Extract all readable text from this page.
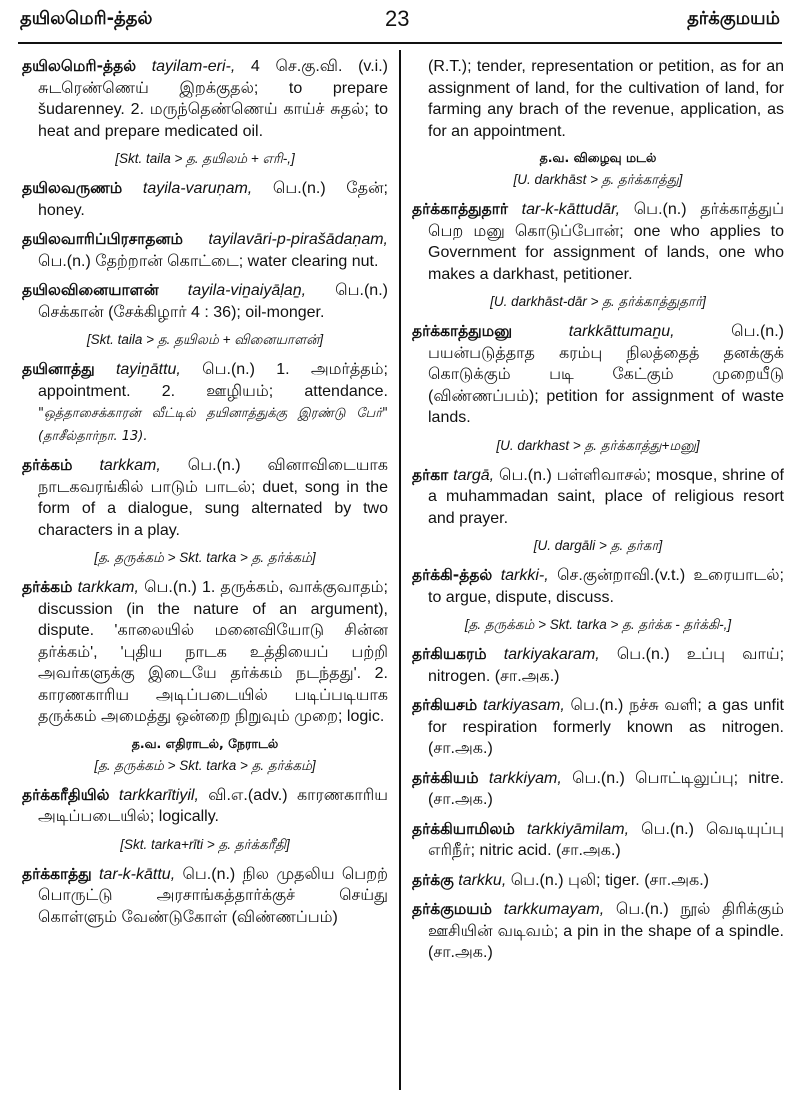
தயிலமெரி-த்தல்	23	தர்க்குமயம்

தயிலமெரி-த்தல் tayilam-eri-, 4 செ.கு.வி. (v.i.) சுடரெண்ணெய் இறக்குதல்; to prepare šudarenney. 2. மருந்தெண்ணெய் காய்ச் சுதல்; to heat and prepare medicated oil.

[Skt. taila > த. தயிலம் + எரி-,]

தயிலவருணம் tayila-varuṇam, பெ.(n.) தேன்; honey.

தயிலவாரிப்பிரசாதனம் tayilavāri-p-pirašādaṇam, பெ.(n.) தேற்றான் கொட்டை; water clearing nut.

தயிலவினையாளன் tayila-viṉaiyāḷaṉ, பெ.(n.) செக்கான் (சேக்கிழார் 4 : 36); oil-monger.

[Skt. taila > த. தயிலம் + வினையாளன்]

தயினாத்து tayiṉāttu, பெ.(n.) 1. அமர்த்தம்; appointment. 2. ஊழியம்; attendance. "ஒத்தாசைக்காரன் வீட்டில் தயினாத்துக்கு இரண்டு பேர்" (தாசீல்தார்நா. 13).

தர்க்கம் tarkkam, பெ.(n.) வினாவிடையாக நாடகவரங்கில் பாடும் பாடல்; duet, song in the form of a dialogue, sung alternated by two characters in a play.

[த. தருக்கம் > Skt. tarka > த. தர்க்கம்]

தர்க்கம் tarkkam, பெ.(n.) 1. தருக்கம், வாக்குவாதம்; discussion (in the nature of an argument), dispute. 'காலையில் மனைவியோடு சின்ன தர்க்கம்', 'புதிய நாடக உத்தியைப் பற்றி அவர்களுக்கு இடையே தர்க்கம் நடந்தது'. 2. காரணகாரிய அடிப்படையில் படிப்படியாக தருக்கம் அமைத்து ஒன்றை நிறுவும் முறை; logic.

த.வ. எதிராடல், நேராடல்
[த. தருக்கம் > Skt. tarka > த. தர்க்கம்]

தர்க்கரீதியில் tarkkarītiyil, வி.எ.(adv.) காரணகாரிய அடிப்படையில்; logically.

[Skt. tarka+rīti > த. தர்க்கரீதி]

தர்க்காத்து tar-k-kāttu, பெ.(n.) நில முதலிய பெறற் பொருட்டு அரசாங்கத்தார்க்குச் செய்து கொள்ளும் வேண்டுகோள் (விண்ணப்பம்)

(R.T.); tender, representation or petition, as for an assignment of land, for the cultivation of land, for farming any brach of the revenue, application, as for an appointment.

த.வ. விழைவு மடல்
[U. darkhāst > த. தர்க்காத்து]

தர்க்காத்துதார் tar-k-kāttudār, பெ.(n.) தர்க்காத்துப் பெற மனு கொடுப்போன்; one who applies to Government for assignment of lands, one who makes a darkhast, petitioner.

[U. darkhāst-dār > த. தர்க்காத்துதார்]

தர்க்காத்துமனு	tarkkāttumaṉu,	பெ.(n.) பயன்படுத்தாத கரம்பு நிலத்தைத் தனக்குக் கொடுக்கும் படி கேட்கும் முறையீடு (விண்ணப்பம்); petition for assignment of waste lands.

[U. darkhast > த. தர்க்காத்து+மனு]

தர்கா targā, பெ.(n.) பள்ளிவாசல்; mosque, shrine of a muhammadan saint, place of religious resort and prayer.

[U. dargāli > த. தர்கா]

தர்க்கி-த்தல் tarkki-, செ.குன்றாவி.(v.t.) உரையாடல்; to argue, dispute, discuss.

[த. தருக்கம் > Skt. tarka > த. தர்க்க - தர்க்கி-,]

தர்கியகரம் tarkiyakaram, பெ.(n.) உப்பு வாய்; nitrogen. (சா.அக.)

தர்கியசம் tarkiyasam, பெ.(n.) நச்சு வளி; a gas unfit for respiration formerly known as nitrogen. (சா.அக.)

தர்க்கியம் tarkkiyam, பெ.(n.) பொட்டிலுப்பு; nitre. (சா.அக.)

தர்க்கியாமிலம் tarkkiyāmilam, பெ.(n.) வெடியுப்பு எரிநீர்; nitric acid. (சா.அக.)

தர்க்கு tarkku, பெ.(n.) புலி; tiger. (சா.அக.)

தர்க்குமயம் tarkkumayam, பெ.(n.) நூல் திரிக்கும் ஊசியின் வடிவம்; a pin in the shape of a spindle. (சா.அக.)
